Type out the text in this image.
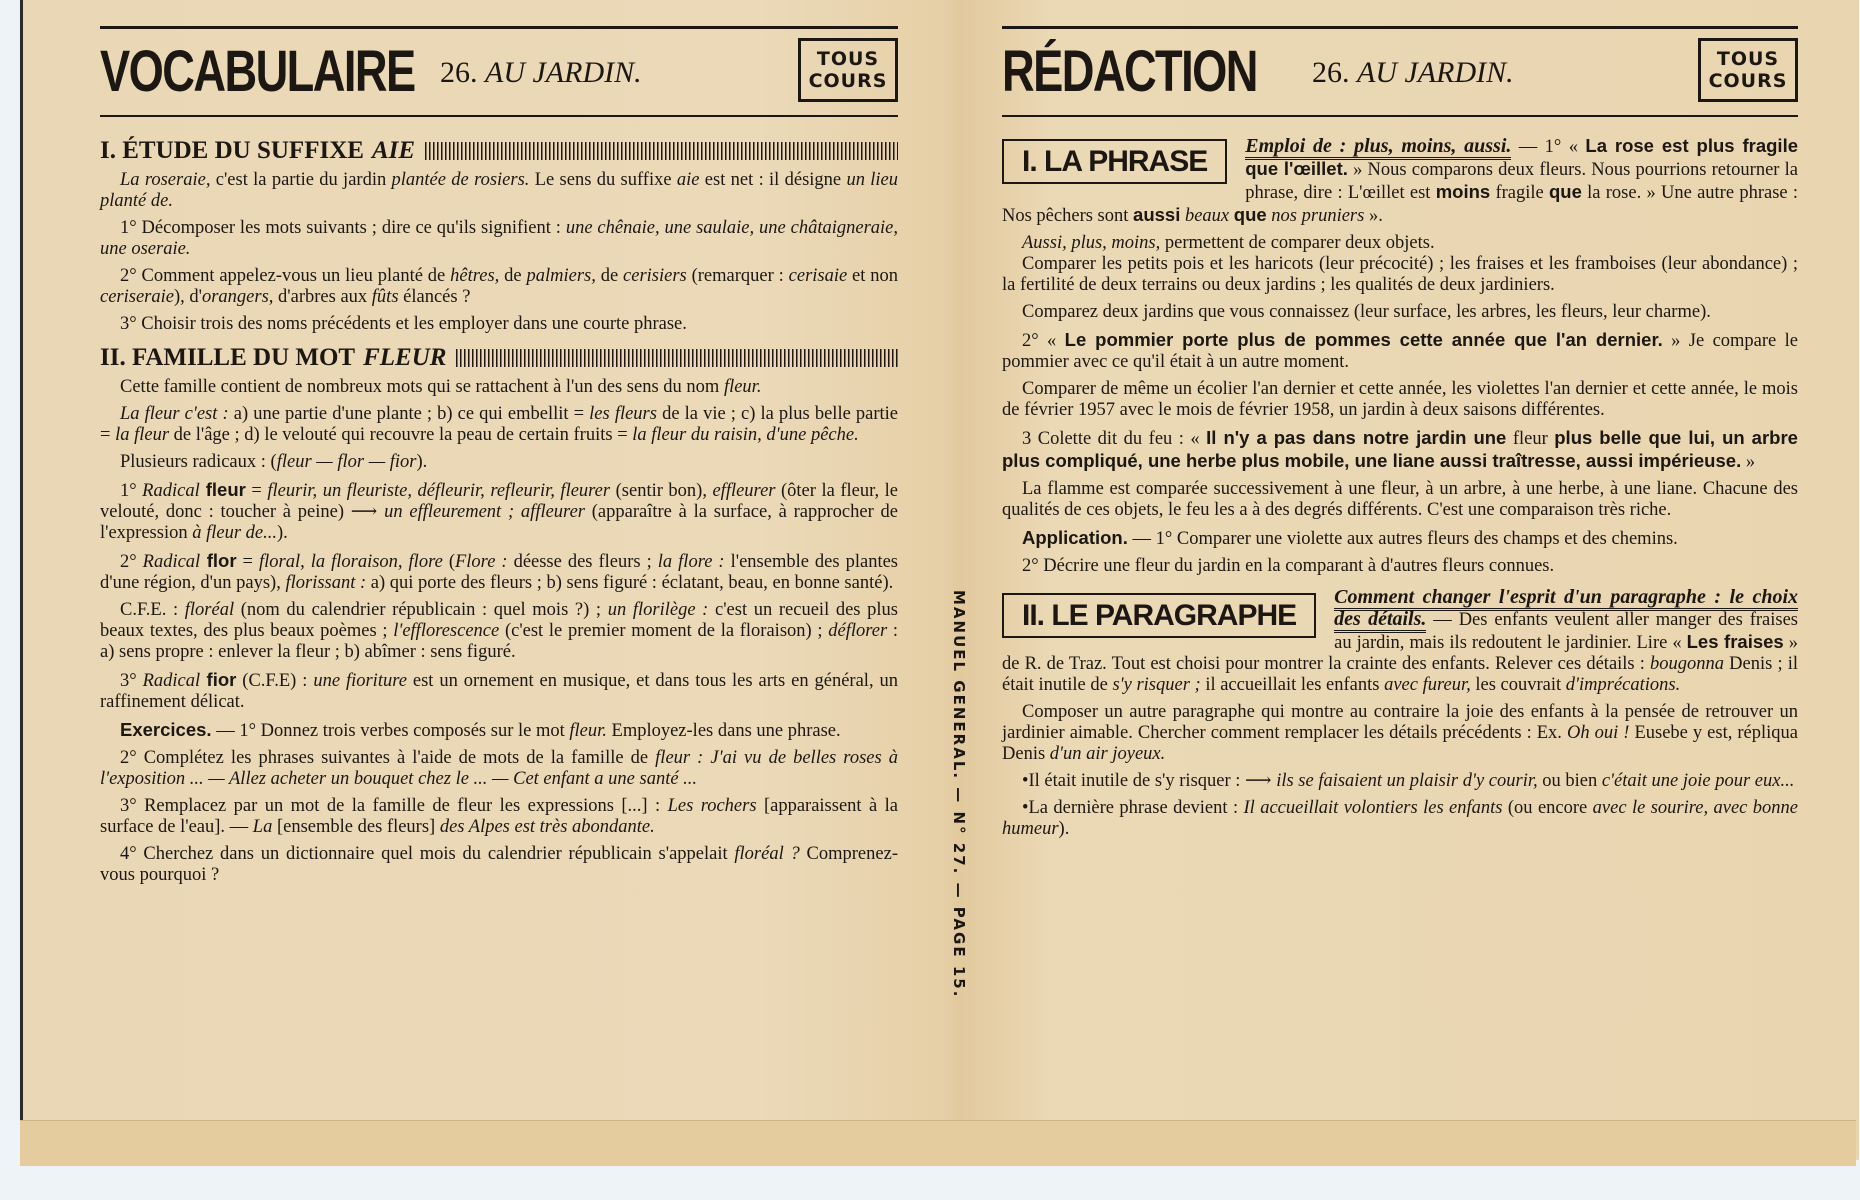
VOCABULAIRE 26. AU JARDIN.	TOUS
COURS
I. ÉTUDE DU SUFFIXE AIE

La roseraie, c'est la partie du jardin plantée de rosiers. Le sens du suffixe aie est net : il désigne un lieu planté de.

1° Décomposer les mots suivants ; dire ce qu'ils signifient : une chênaie, une saulaie, une châtaigneraie, une oseraie.

2° Comment appelez-vous un lieu planté de hêtres, de palmiers, de cerisiers (remarquer : cerisaie et non ceriseraie), d'orangers, d'arbres aux fûts élancés ?

3° Choisir trois des noms précédents et les employer dans une courte phrase.

II. FAMILLE DU MOT FLEUR

Cette famille contient de nombreux mots qui se rattachent à l'un des sens du nom fleur.

La fleur c'est : a) une partie d'une plante ; b) ce qui embellit = les fleurs de la vie ; c) la plus belle partie = la fleur de l'âge ; d) le velouté qui recouvre la peau de certain fruits = la fleur du raisin, d'une pêche.

Plusieurs radicaux : (fleur — flor — fior).

1° Radical fleur = fleurir, un fleuriste, défleurir, refleurir, fleurer (sentir bon), effleurer (ôter la fleur, le velouté, donc : toucher à peine) ⟶ un effleurement ; affleurer (apparaître à la surface, à rapprocher de l'expression à fleur de...).

2° Radical flor = floral, la floraison, flore (Flore : déesse des fleurs ; la flore : l'ensemble des plantes d'une région, d'un pays), florissant : a) qui porte des fleurs ; b) sens figuré : éclatant, beau, en bonne santé).

C.F.E. : floréal (nom du calendrier républicain : quel mois ?) ; un florilège : c'est un recueil des plus beaux textes, des plus beaux poèmes ; l'efflorescence (c'est le premier moment de la floraison) ; déflorer : a) sens propre : enlever la fleur ; b) abîmer : sens figuré.

3° Radical fior (C.F.E) : une fioriture est un ornement en musique, et dans tous les arts en général, un raffinement délicat.

Exercices. — 1° Donnez trois verbes composés sur le mot fleur. Employez-les dans une phrase.

2° Complétez les phrases suivantes à l'aide de mots de la famille de fleur : J'ai vu de belles roses à l'exposition ... — Allez acheter un bouquet chez le ... — Cet enfant a une santé ...

3° Remplacez par un mot de la famille de fleur les expressions [...] : Les rochers [apparaissent à la surface de l'eau]. — La [ensemble des fleurs] des Alpes est très abondante.

4° Cherchez dans un dictionnaire quel mois du calendrier républicain s'appelait floréal ? Comprenez-vous pourquoi ?	MANUEL GENERAL. — N° 27. — PAGE 15.
RÉDACTION 26. AU JARDIN.	TOUS
COURS
I. LA PHRASE	Emploi de : plus, moins, aussi. — 1° « La rose est plus fragile que l'œillet. » Nous comparons deux fleurs. Nous pourrions retourner la phrase, dire : L'œillet est moins fragile que la rose. » Une autre phrase : Nos pêchers sont aussi beaux que nos pruniers ».

Aussi, plus, moins, permettent de comparer deux objets.

Comparer les petits pois et les haricots (leur précocité) ; les fraises et les framboises (leur abondance) ; la fertilité de deux terrains ou deux jardins ; les qualités de deux jardiniers.

Comparez deux jardins que vous connaissez (leur surface, les arbres, les fleurs, leur charme).

2° « Le pommier porte plus de pommes cette année que l'an dernier. » Je compare le pommier avec ce qu'il était à un autre moment.

Comparer de même un écolier l'an dernier et cette année, les violettes l'an dernier et cette année, le mois de février 1957 avec le mois de février 1958, un jardin à deux saisons différentes.

3 Colette dit du feu : « Il n'y a pas dans notre jardin une fleur plus belle que lui, un arbre plus compliqué, une herbe plus mobile, une liane aussi traîtresse, aussi impérieuse. »

La flamme est comparée successivement à une fleur, à un arbre, à une herbe, à une liane. Chacune des qualités de ces objets, le feu les a à des degrés différents. C'est une comparaison très riche.

Application. — 1° Comparer une violette aux autres fleurs des champs et des chemins.

2° Décrire une fleur du jardin en la comparant à d'autres fleurs connues.

II. LE PARAGRAPHE

Comment changer l'esprit d'un paragraphe : le choix des détails. — Des enfants veulent aller manger des fraises au jardin, mais ils redoutent le jardinier. Lire « Les fraises » de R. de Traz. Tout est choisi pour montrer la crainte des enfants. Relever ces détails : bougonna Denis ; il était inutile de s'y risquer ; il accueillait les enfants avec fureur, les couvrait d'imprécations.

Composer un autre paragraphe qui montre au contraire la joie des enfants à la pensée de retrouver un jardinier aimable. Chercher comment remplacer les détails précédents : Ex. Oh oui ! Eusebe y est, répliqua Denis d'un air joyeux.

• Il était inutile de s'y risquer : ⟶ ils se faisaient un plaisir d'y courir, ou bien c'était une joie pour eux...

• La dernière phrase devient : Il accueillait volontiers les enfants (ou encore avec le sourire, avec bonne humeur).
